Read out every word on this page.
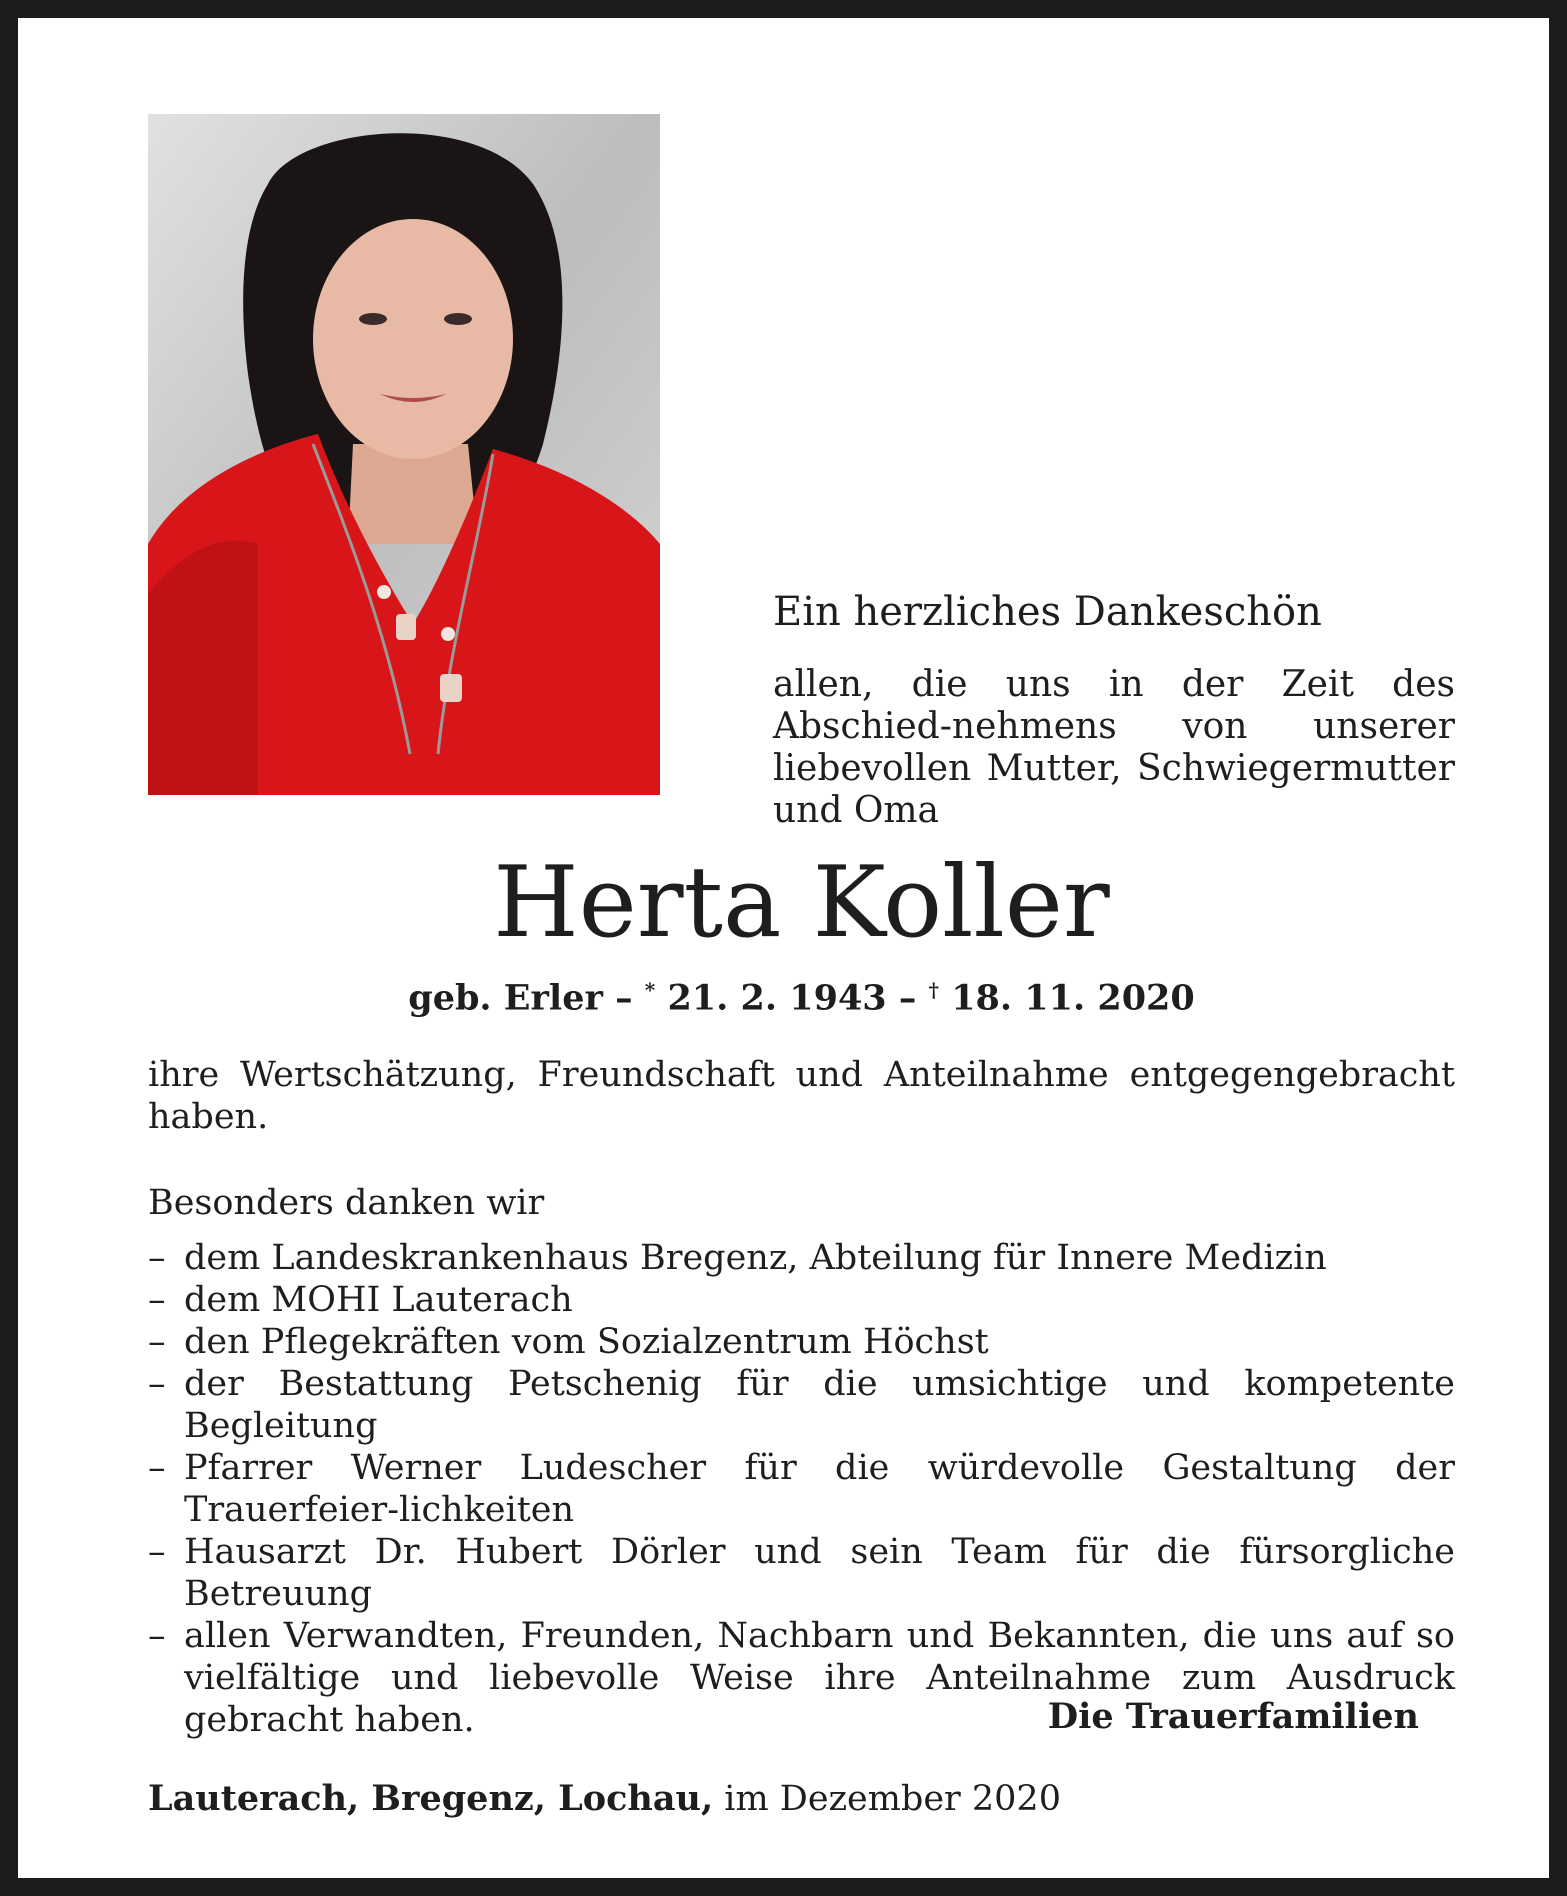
Ein herzliches Dankeschön
allen, die uns in der Zeit des Abschied-nehmens von unserer liebevollen Mutter, Schwiegermutter und Oma
Herta Koller
geb. Erler – * 21. 2. 1943 – † 18. 11. 2020
ihre Wertschätzung, Freundschaft und Anteilnahme entgegengebracht haben.
Besonders danken wir
– dem Landeskrankenhaus Bregenz, Abteilung für Innere Medizin
– dem MOHI Lauterach
– den Pflegekräften vom Sozialzentrum Höchst
– der Bestattung Petschenig für die umsichtige und kompetente Begleitung
– Pfarrer Werner Ludescher für die würdevolle Gestaltung der Trauerfeier-lichkeiten
– Hausarzt Dr. Hubert Dörler und sein Team für die fürsorgliche Betreuung
– allen Verwandten, Freunden, Nachbarn und Bekannten, die uns auf so vielfältige und liebevolle Weise ihre Anteilnahme zum Ausdruck gebracht haben.	Die Trauerfamilien
Lauterach, Bregenz, Lochau, im Dezember 2020
